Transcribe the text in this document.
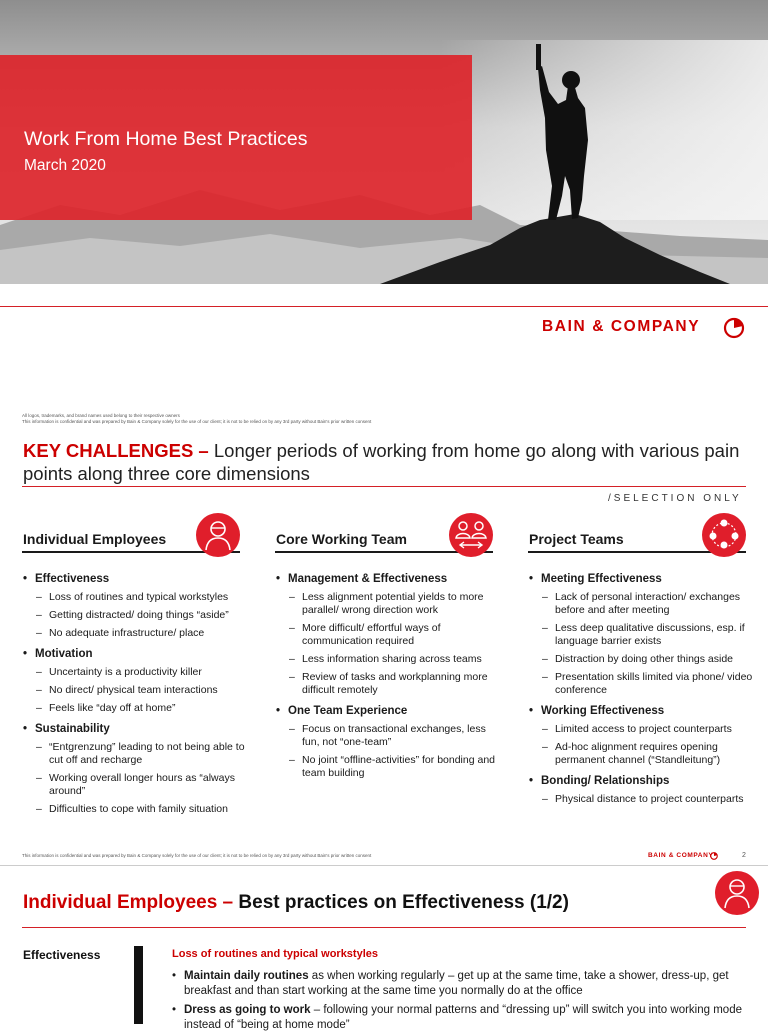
Work From Home Best Practices
March 2020
BAIN & COMPANY
All logos, trademarks, and brand names used belong to their respective owners
This information is confidential and was prepared by Bain & Company solely for the use of our client; it is not to be relied on by any 3rd party without Bain's prior written consent
KEY CHALLENGES – Longer periods of working from home go along with various pain points along three core dimensions
/SELECTION ONLY
Individual Employees	Core Working Team	Project Teams
• Effectiveness
– Loss of routines and typical workstyles
– Getting distracted/ doing things “aside”
– No adequate infrastructure/ place
• Motivation
– Uncertainty is a productivity killer
– No direct/ physical team interactions
– Feels like “day off at home”
• Sustainability
– “Entgrenzung” leading to not being able to cut off and recharge
– Working overall longer hours as “always around”
– Difficulties to cope with family situation
• Management & Effectiveness
– Less alignment potential yields to more parallel/ wrong direction work
– More difficult/ effortful ways of communication required
– Less information sharing across teams
– Review of tasks and workplanning more difficult remotely
• One Team Experience
– Focus on transactional exchanges, less fun, not “one-team”
– No joint “offline-activities” for bonding and team building
• Meeting Effectiveness
– Lack of personal interaction/ exchanges before and after meeting
– Less deep qualitative discussions, esp. if language barrier exists
– Distraction by doing other things aside
– Presentation skills limited via phone/ video conference
• Working Effectiveness
– Limited access to project counterparts
– Ad-hoc alignment requires opening permanent channel (“Standleitung”)
• Bonding/ Relationships
– Physical distance to project counterparts
This information is confidential and was prepared by Bain & Company solely for the use of our client; it is not to be relied on by any 3rd party without Bain's prior written consent	BAIN & COMPANY	2
Individual Employees – Best practices on Effectiveness (1/2)
Effectiveness	Loss of routines and typical workstyles
• Maintain daily routines as when working regularly – get up at the same time, take a shower, dress-up, get breakfast and than start working at the same time you normally do at the office
• Dress as going to work – following your normal patterns and “dressing up” will switch you into working mode instead of “being at home mode”
